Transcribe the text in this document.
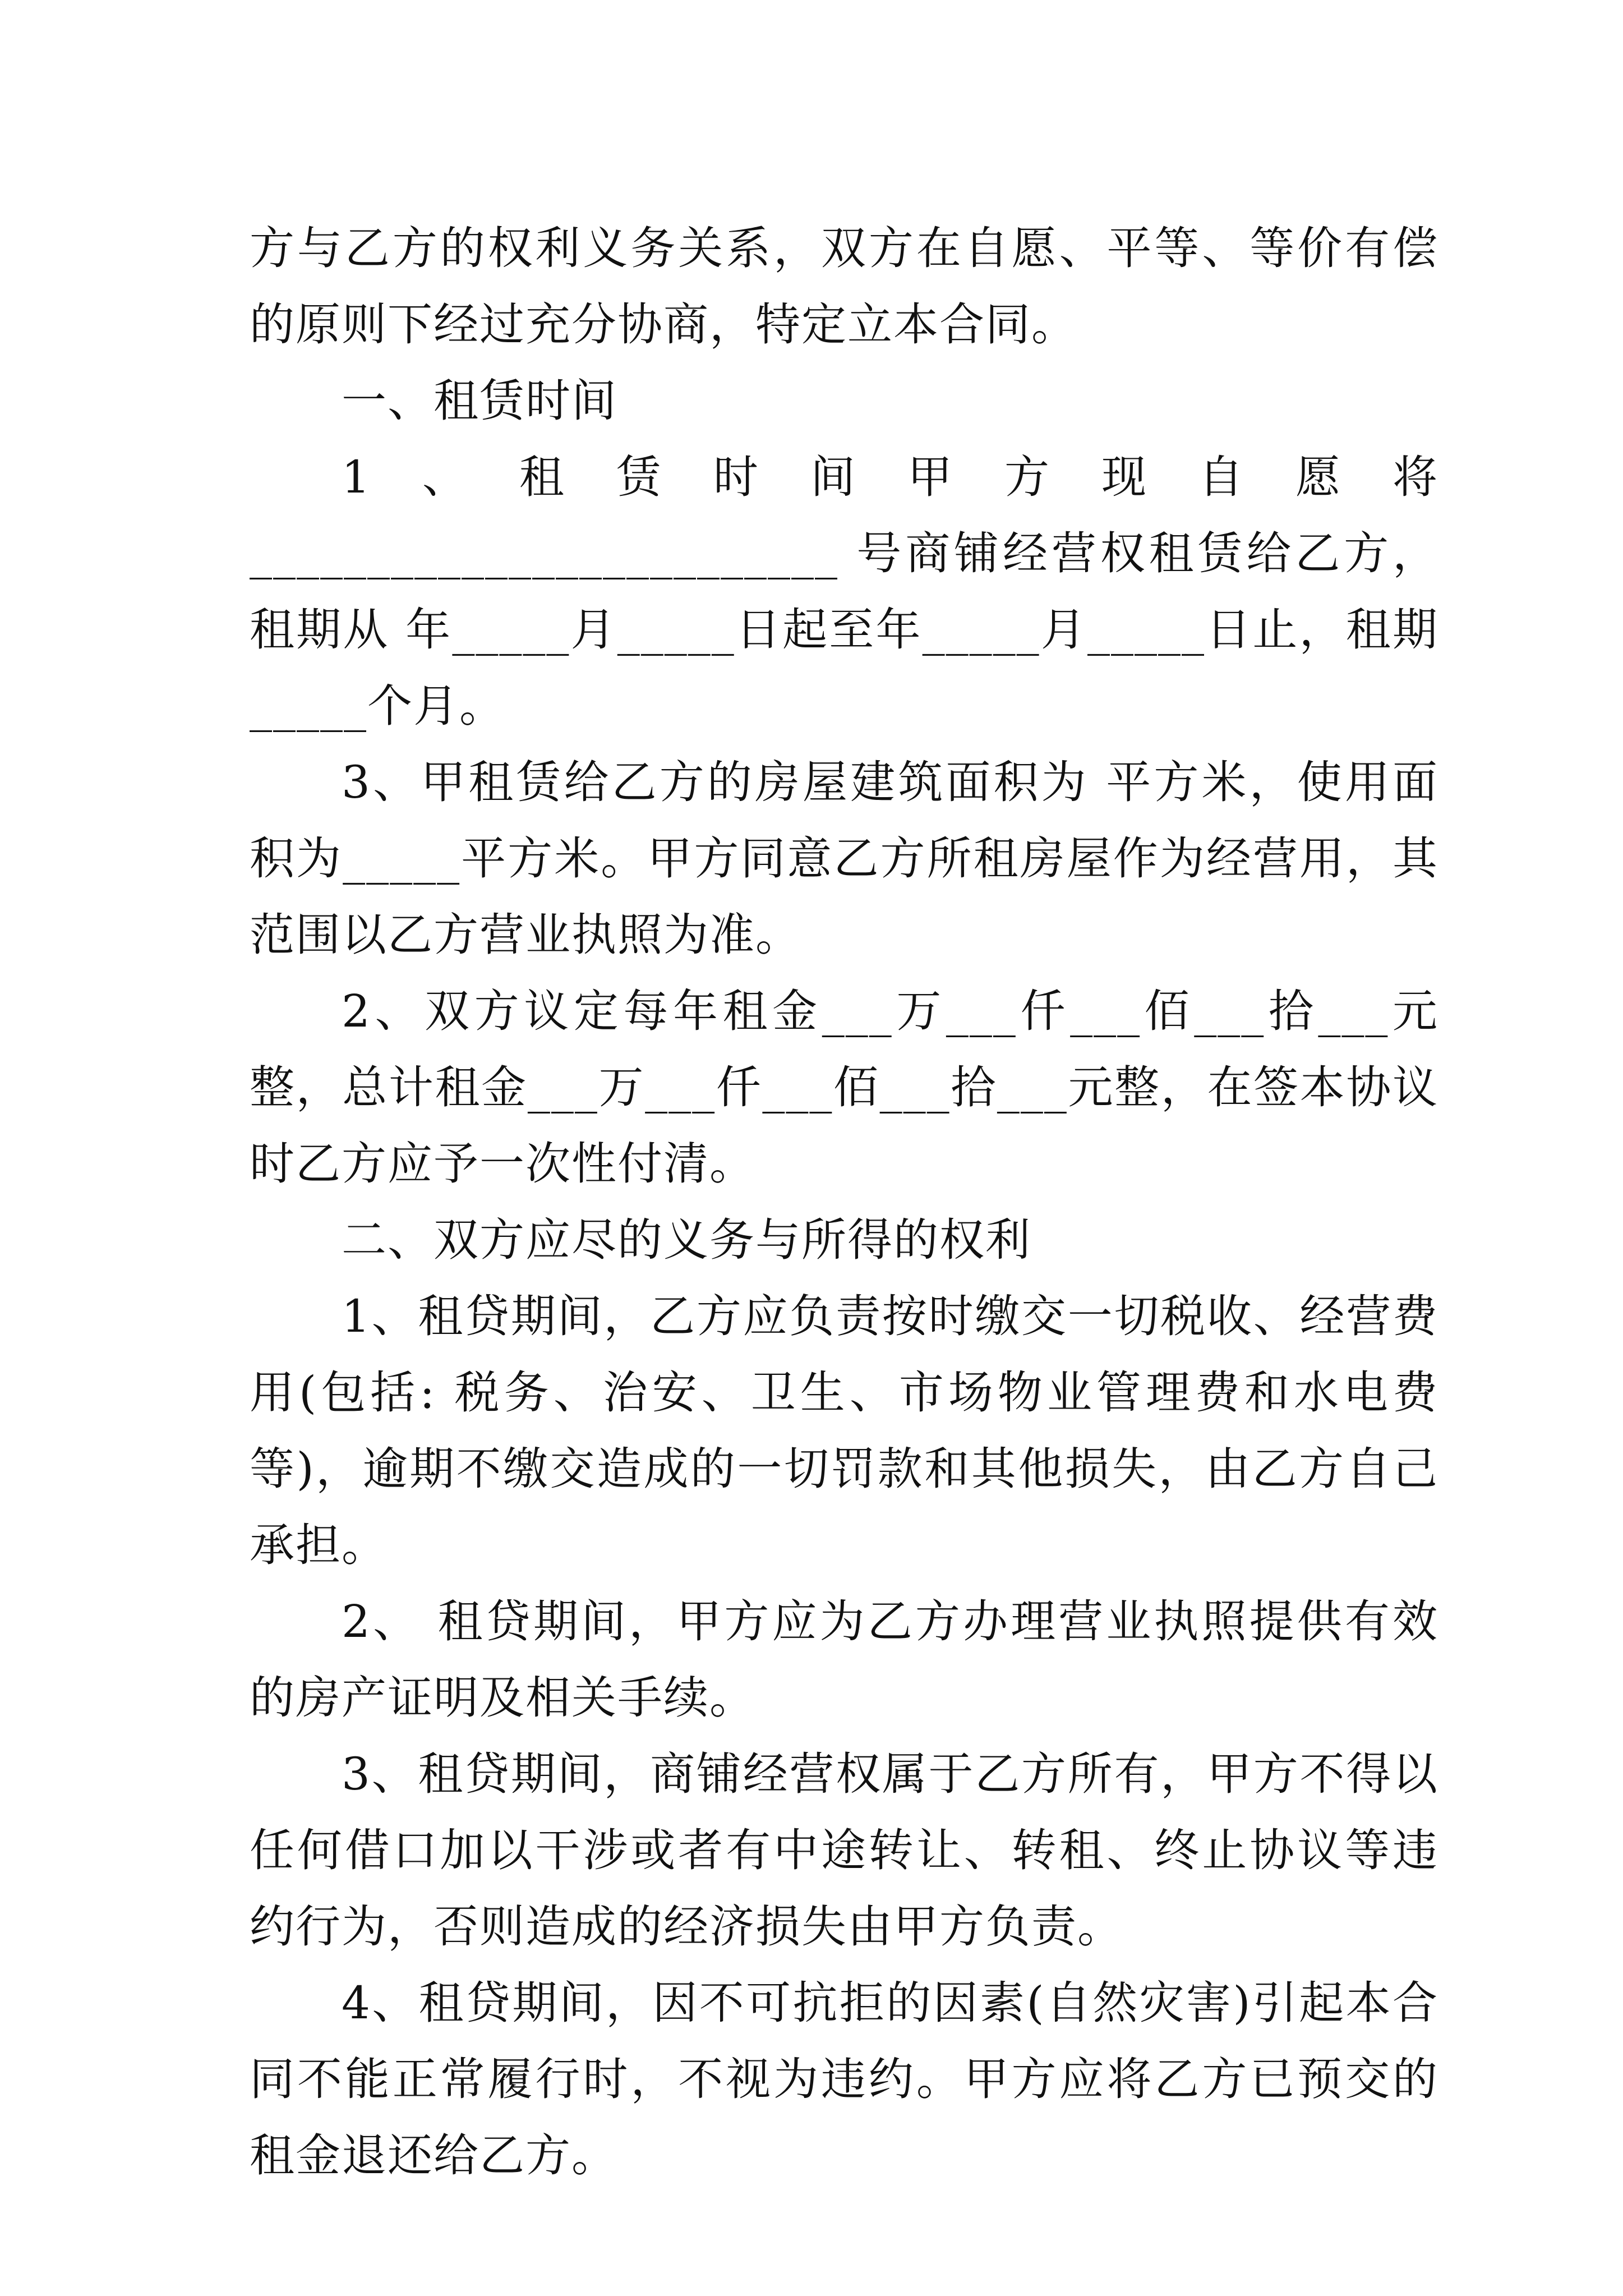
方与乙方的权利义务关系，双方在自愿、平等、等价有偿的原则下经过充分协商，特定立本合同。

一、租赁时间

1、租赁时间甲方现自愿将_________________________ 号商铺经营权租赁给乙方，租期从 年_____月_____日起至年_____月_____日止，租期_____个月。

3、甲租赁给乙方的房屋建筑面积为 平方米，使用面积为_____平方米。甲方同意乙方所租房屋作为经营用，其范围以乙方营业执照为准。

2、双方议定每年租金___万___仟___佰___拾___元整，总计租金___万___仟___佰___拾___元整，在签本协议时乙方应予一次性付清。

二、双方应尽的义务与所得的权利

1、租贷期间，乙方应负责按时缴交一切税收、经营费用(包括: 税务、治安、卫生、市场物业管理费和水电费等)，逾期不缴交造成的一切罚款和其他损失，由乙方自己承担。

2、 租贷期间，甲方应为乙方办理营业执照提供有效的房产证明及相关手续。

3、租贷期间，商铺经营权属于乙方所有，甲方不得以任何借口加以干涉或者有中途转让、转租、终止协议等违约行为，否则造成的经济损失由甲方负责。

4、租贷期间，因不可抗拒的因素(自然灾害)引起本合同不能正常履行时，不视为违约。甲方应将乙方已预交的租金退还给乙方。
